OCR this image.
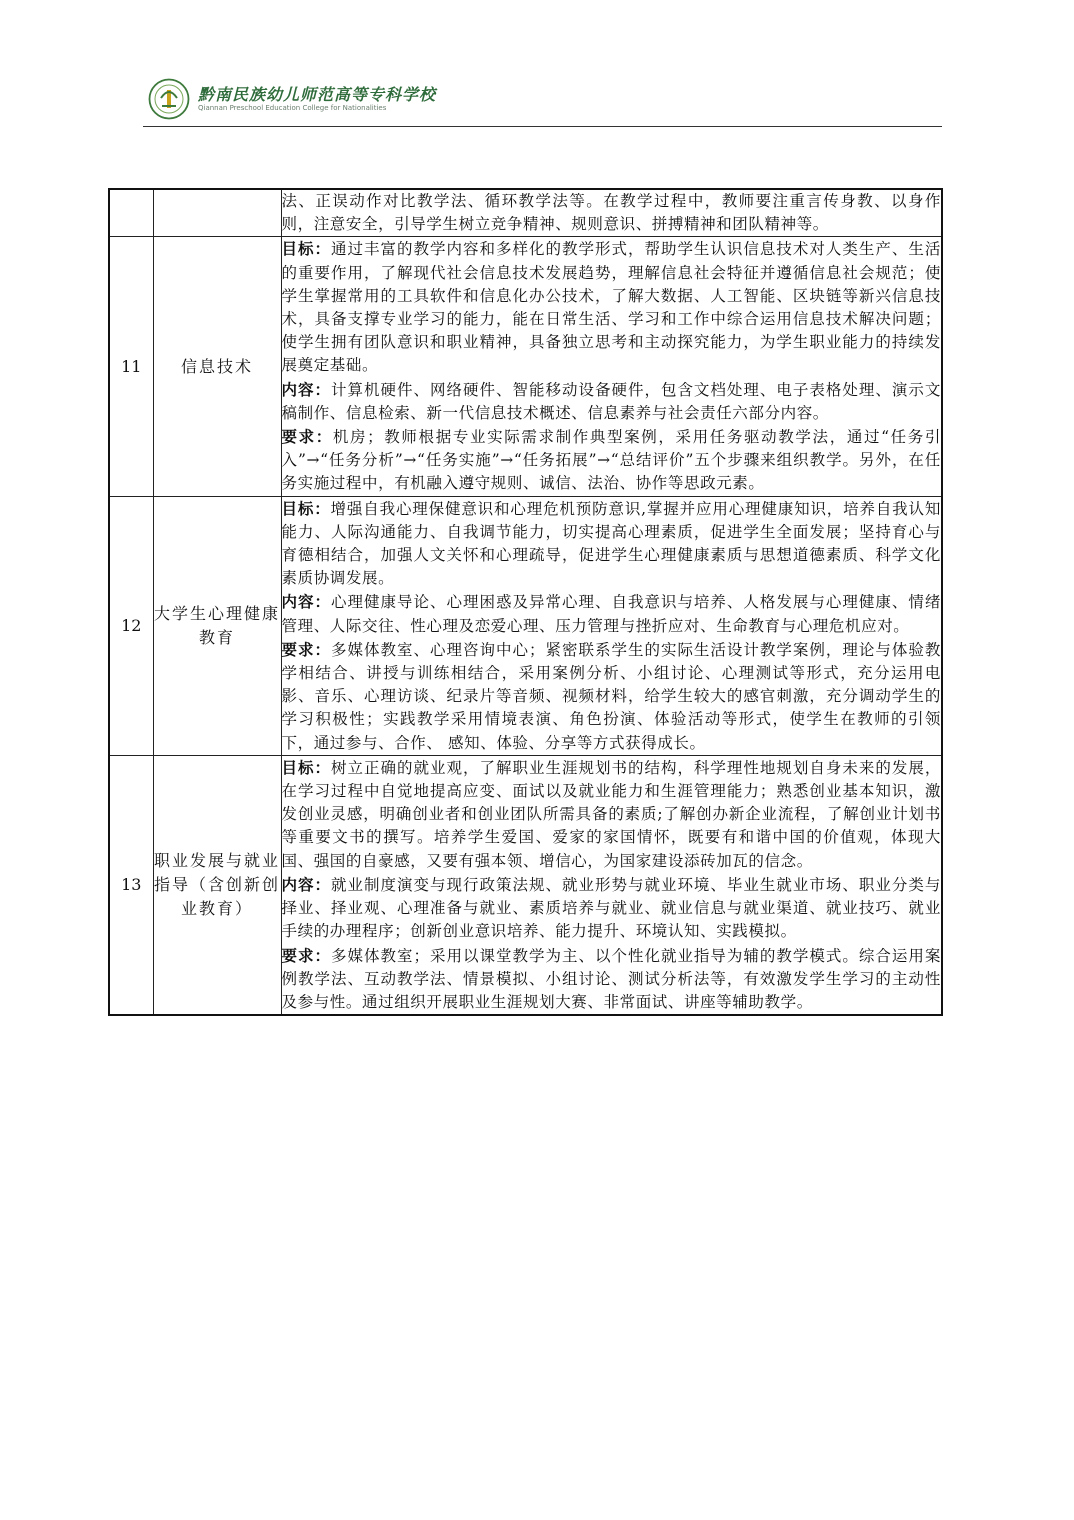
黔南民族幼儿师范高等专科学校
Qiannan Preschool Education College for Nationalities

		法、正误动作对比教学法、循环教学法等。在教学过程中，教师要注重言传身教、以身作则，注意安全，引导学生树立竞争精神、规则意识、拼搏精神和团队精神等。

11	信息技术	目标：通过丰富的教学内容和多样化的教学形式，帮助学生认识信息技术对人类生产、生活的重要作用，了解现代社会信息技术发展趋势，理解信息社会特征并遵循信息社会规范；使学生掌握常用的工具软件和信息化办公技术，了解大数据、人工智能、区块链等新兴信息技术，具备支撑专业学习的能力，能在日常生活、学习和工作中综合运用信息技术解决问题；使学生拥有团队意识和职业精神，具备独立思考和主动探究能力，为学生职业能力的持续发展奠定基础。

内容：计算机硬件、网络硬件、智能移动设备硬件，包含文档处理、电子表格处理、演示文稿制作、信息检索、新一代信息技术概述、信息素养与社会责任六部分内容。

要求：机房；教师根据专业实际需求制作典型案例，采用任务驱动教学法，通过“任务引入”→“任务分析”→“任务实施”→“任务拓展”→“总结评价”五个步骤来组织教学。另外，在任务实施过程中，有机融入遵守规则、诚信、法治、协作等思政元素。

12	大学生心理健康教育	目标：增强自我心理保健意识和心理危机预防意识,掌握并应用心理健康知识，培养自我认知能力、人际沟通能力、自我调节能力，切实提高心理素质，促进学生全面发展；坚持育心与育德相结合，加强人文关怀和心理疏导，促进学生心理健康素质与思想道德素质、科学文化素质协调发展。

内容：心理健康导论、心理困惑及异常心理、自我意识与培养、人格发展与心理健康、情绪管理、人际交往、性心理及恋爱心理、压力管理与挫折应对、生命教育与心理危机应对。

要求：多媒体教室、心理咨询中心；紧密联系学生的实际生活设计教学案例，理论与体验教学相结合、讲授与训练相结合，采用案例分析、小组讨论、心理测试等形式，充分运用电影、音乐、心理访谈、纪录片等音频、视频材料，给学生较大的感官刺激，充分调动学生的学习积极性；实践教学采用情境表演、角色扮演、体验活动等形式，使学生在教师的引领下，通过参与、合作、 感知、体验、分享等方式获得成长。

13	职业发展与就业指导（含创新创业教育）	目标：树立正确的就业观，了解职业生涯规划书的结构，科学理性地规划自身未来的发展，在学习过程中自觉地提高应变、面试以及就业能力和生涯管理能力；熟悉创业基本知识，激发创业灵感，明确创业者和创业团队所需具备的素质;了解创办新企业流程，了解创业计划书等重要文书的撰写。培养学生爱国、爱家的家国情怀，既要有和谐中国的价值观，体现大国、强国的自豪感，又要有强本领、增信心，为国家建设添砖加瓦的信念。

内容：就业制度演变与现行政策法规、就业形势与就业环境、毕业生就业市场、职业分类与择业、择业观、心理准备与就业、素质培养与就业、就业信息与就业渠道、就业技巧、就业手续的办理程序；创新创业意识培养、能力提升、环境认知、实践模拟。

要求：多媒体教室；采用以课堂教学为主、以个性化就业指导为辅的教学模式。综合运用案例教学法、互动教学法、情景模拟、小组讨论、测试分析法等，有效激发学生学习的主动性及参与性。通过组织开展职业生涯规划大赛、非常面试、讲座等辅助教学。
